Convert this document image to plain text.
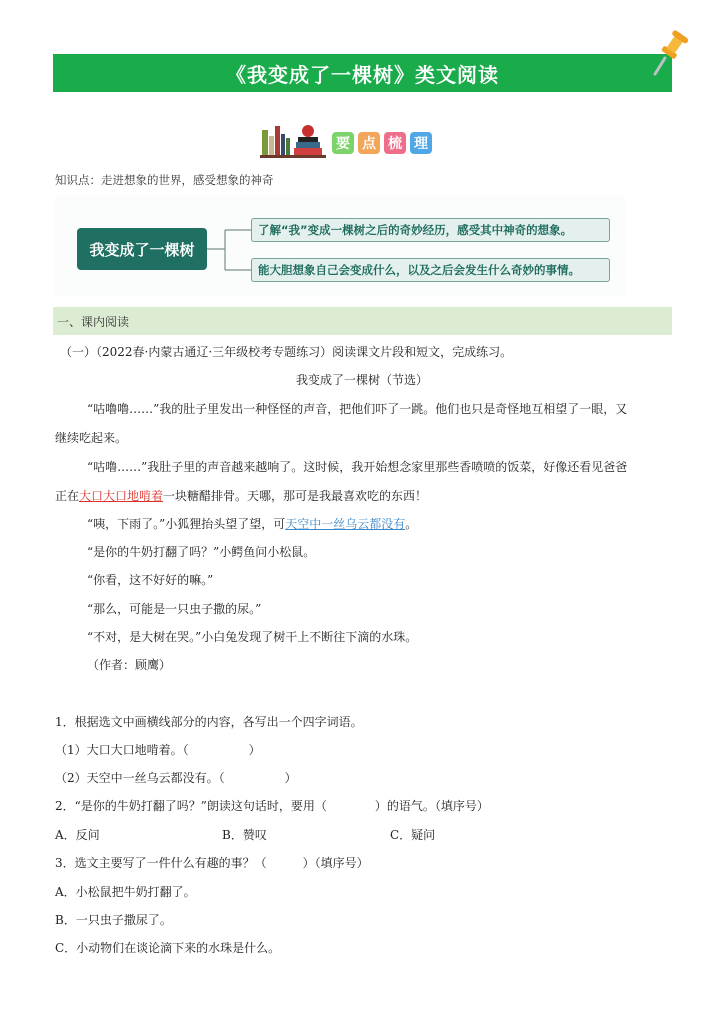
《我变成了一棵树》类文阅读
要 点 梳 理
知识点：走进想象的世界，感受想象的神奇
我变成了一棵树
了解“我”变成一棵树之后的奇妙经历，感受其中神奇的想象。
能大胆想象自己会变成什么，以及之后会发生什么奇妙的事情。
一、课内阅读
（一）（2022春·内蒙古通辽·三年级校考专题练习）阅读课文片段和短文，完成练习。
我变成了一棵树（节选）
“咕噜噜……”我的肚子里发出一种怪怪的声音，把他们吓了一跳。他们也只是奇怪地互相望了一眼，又
继续吃起来。
“咕噜……”我肚子里的声音越来越响了。这时候，我开始想念家里那些香喷喷的饭菜，好像还看见爸爸
正在大口大口地啃着一块糖醋排骨。天哪，那可是我最喜欢吃的东西！
“咦，下雨了。”小狐狸抬头望了望，可天空中一丝乌云都没有。
“是你的牛奶打翻了吗？”小鳄鱼问小松鼠。
“你看，这不好好的嘛。”
“那么，可能是一只虫子撒的尿。”
“不对，是大树在哭。”小白兔发现了树干上不断往下滴的水珠。
（作者：顾鹰）
1．根据选文中画横线部分的内容，各写出一个四字词语。
（1）大口大口地啃着。（　　　　　）
（2）天空中一丝乌云都没有。（　　　　　）
2．“是你的牛奶打翻了吗？”朗读这句话时，要用（　　　　）的语气。（填序号）
A．反问	B．赞叹	C．疑问
3．选文主要写了一件什么有趣的事？（　　　）（填序号）
A．小松鼠把牛奶打翻了。
B．一只虫子撒尿了。
C．小动物们在谈论滴下来的水珠是什么。
